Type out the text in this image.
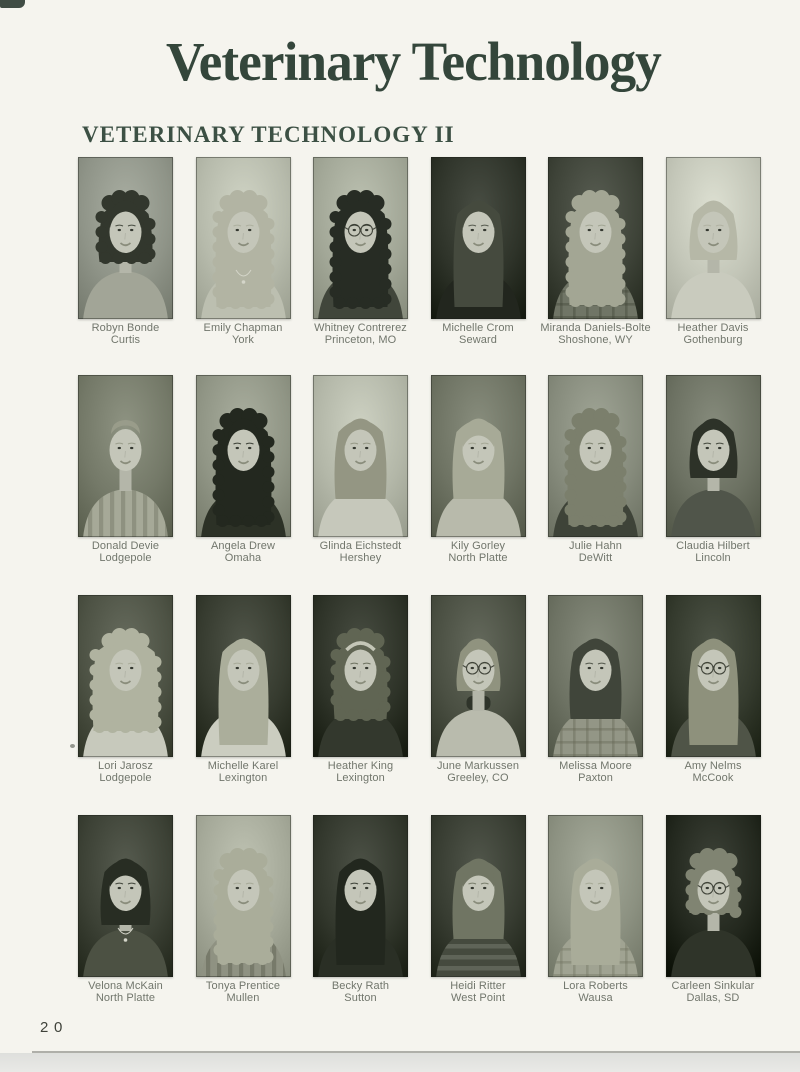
Veterinary Technology
VETERINARY TECHNOLOGY II
Robyn Bonde
Curtis
Emily Chapman
York
Whitney Contrerez
Princeton, MO
Michelle Crom
Seward
Miranda Daniels-Bolte
Shoshone, WY
Heather Davis
Gothenburg
Donald Devie
Lodgepole
Angela Drew
Omaha
Glinda Eichstedt
Hershey
Kily Gorley
North Platte
Julie Hahn
DeWitt
Claudia Hilbert
Lincoln
Lori Jarosz
Lodgepole
Michelle Karel
Lexington
Heather King
Lexington
June Markussen
Greeley, CO
Melissa Moore
Paxton
Amy Nelms
McCook
Velona McKain
North Platte
Tonya Prentice
Mullen
Becky Rath
Sutton
Heidi Ritter
West Point
Lora Roberts
Wausa
Carleen Sinkular
Dallas, SD
20
